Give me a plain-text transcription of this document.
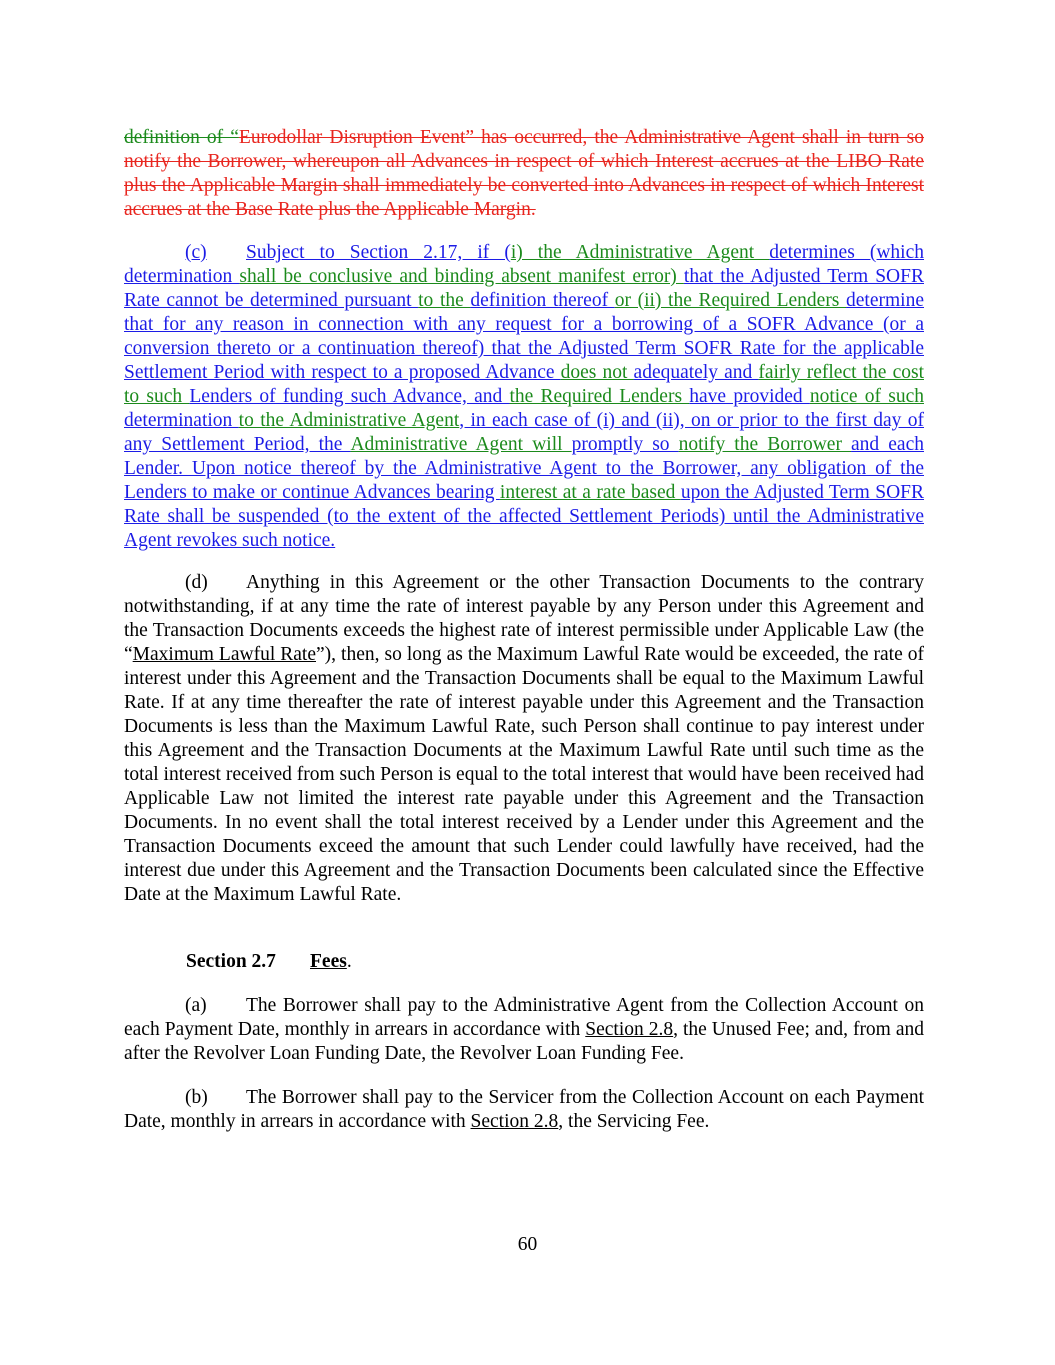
definition of “Eurodollar Disruption Event” has occurred, the Administrative Agent shall in turn so notify the Borrower, whereupon all Advances in respect of which Interest accrues at the LIBO Rate plus the Applicable Margin shall immediately be converted into Advances in respect of which Interest accrues at the Base Rate plus the Applicable Margin.

(c) Subject to Section 2.17, if (i) the Administrative Agent determines (which determination shall be conclusive and binding absent manifest error) that the Adjusted Term SOFR Rate cannot be determined pursuant to the definition thereof or (ii) the Required Lenders determine that for any reason in connection with any request for a borrowing of a SOFR Advance (or a conversion thereto or a continuation thereof) that the Adjusted Term SOFR Rate for the applicable Settlement Period with respect to a proposed Advance does not adequately and fairly reflect the cost to such Lenders of funding such Advance, and the Required Lenders have provided notice of such determination to the Administrative Agent, in each case of (i) and (ii), on or prior to the first day of any Settlement Period, the Administrative Agent will promptly so notify the Borrower and each Lender. Upon notice thereof by the Administrative Agent to the Borrower, any obligation of the Lenders to make or continue Advances bearing interest at a rate based upon the Adjusted Term SOFR Rate shall be suspended (to the extent of the affected Settlement Periods) until the Administrative Agent revokes such notice.

(d) Anything in this Agreement or the other Transaction Documents to the contrary notwithstanding, if at any time the rate of interest payable by any Person under this Agreement and the Transaction Documents exceeds the highest rate of interest permissible under Applicable Law (the “Maximum Lawful Rate”), then, so long as the Maximum Lawful Rate would be exceeded, the rate of interest under this Agreement and the Transaction Documents shall be equal to the Maximum Lawful Rate. If at any time thereafter the rate of interest payable under this Agreement and the Transaction Documents is less than the Maximum Lawful Rate, such Person shall continue to pay interest under this Agreement and the Transaction Documents at the Maximum Lawful Rate until such time as the total interest received from such Person is equal to the total interest that would have been received had Applicable Law not limited the interest rate payable under this Agreement and the Transaction Documents. In no event shall the total interest received by a Lender under this Agreement and the Transaction Documents exceed the amount that such Lender could lawfully have received, had the interest due under this Agreement and the Transaction Documents been calculated since the Effective Date at the Maximum Lawful Rate.

Section 2.7 Fees.

(a) The Borrower shall pay to the Administrative Agent from the Collection Account on each Payment Date, monthly in arrears in accordance with Section 2.8, the Unused Fee; and, from and after the Revolver Loan Funding Date, the Revolver Loan Funding Fee.

(b) The Borrower shall pay to the Servicer from the Collection Account on each Payment Date, monthly in arrears in accordance with Section 2.8, the Servicing Fee.

60
